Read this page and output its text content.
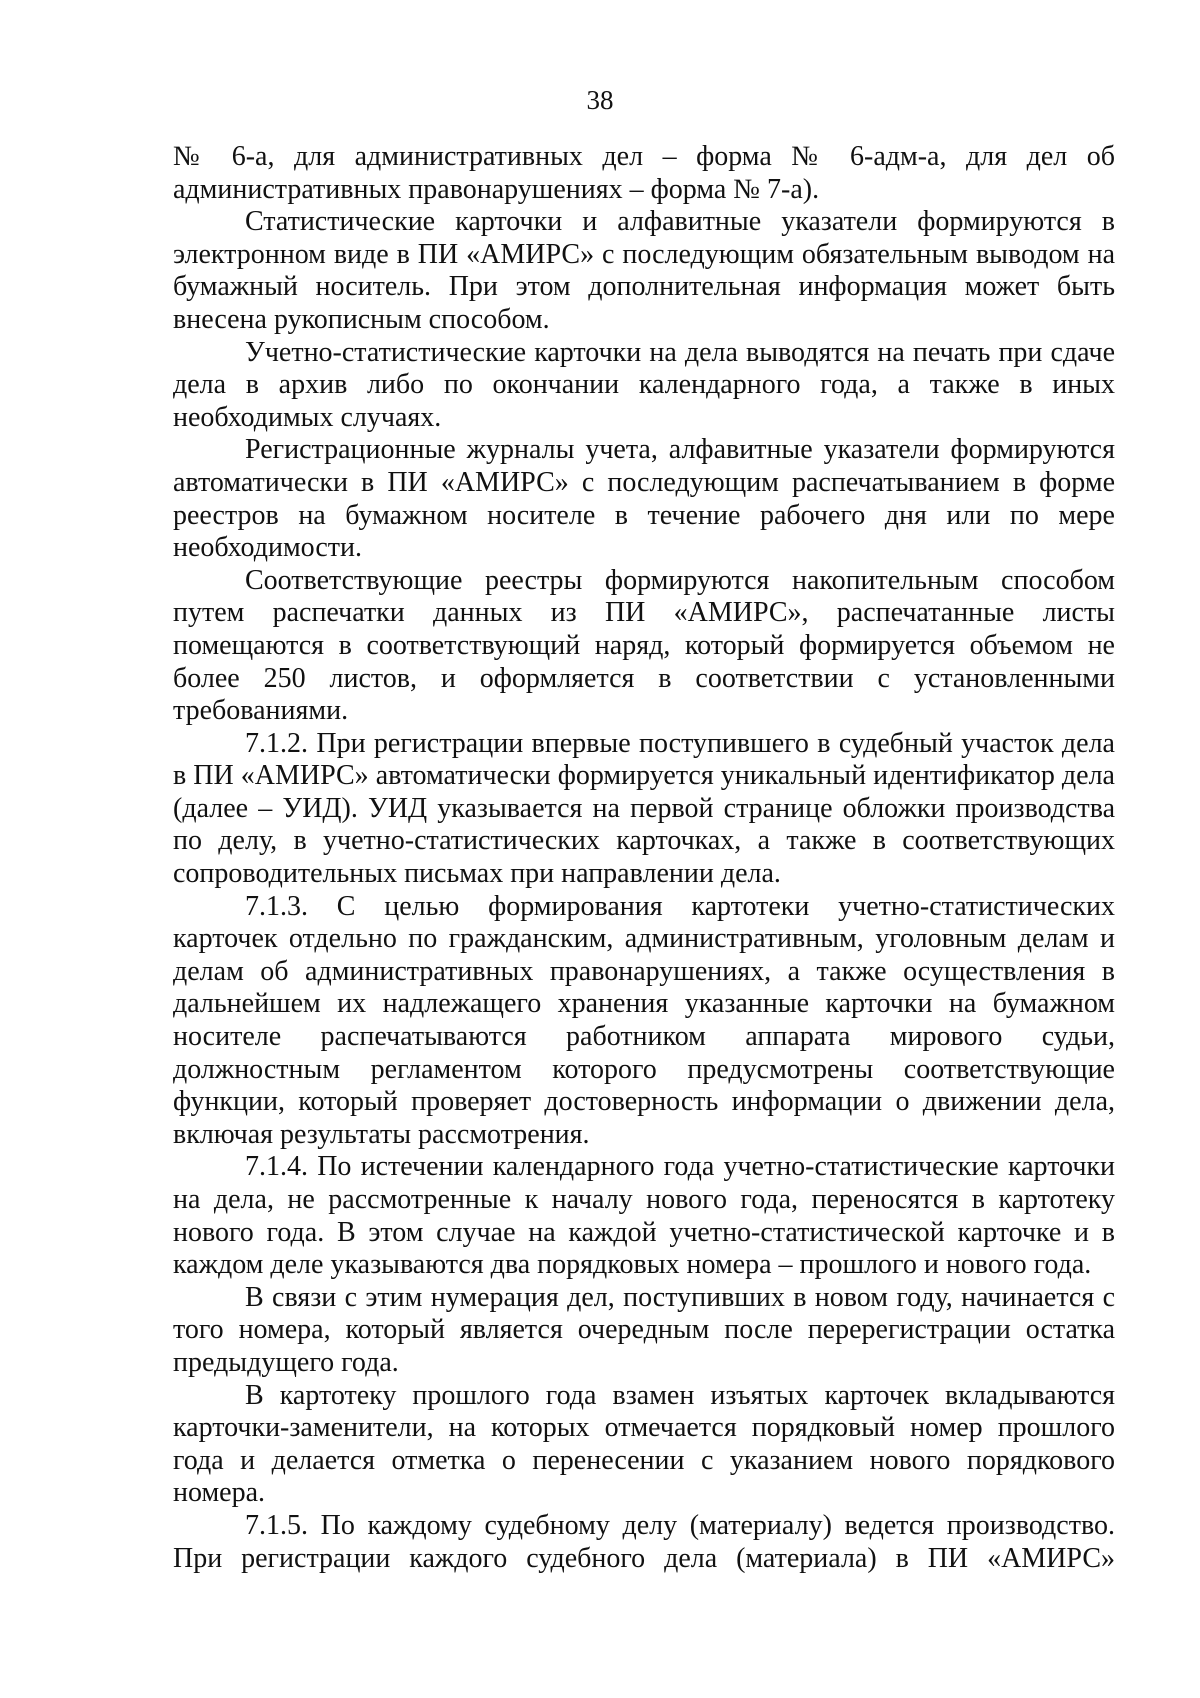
38

№ 6-а, для административных дел – форма № 6-адм-а, для дел об административных правонарушениях – форма № 7-а).

Статистические карточки и алфавитные указатели формируются в электронном виде в ПИ «АМИРС» с последующим обязательным выводом на бумажный носитель. При этом дополнительная информация может быть внесена рукописным способом.

Учетно-статистические карточки на дела выводятся на печать при сдаче дела в архив либо по окончании календарного года, а также в иных необходимых случаях.

Регистрационные журналы учета, алфавитные указатели формируются автоматически в ПИ «АМИРС» с последующим распечатыванием в форме реестров на бумажном носителе в течение рабочего дня или по мере необходимости.

Соответствующие реестры формируются накопительным способом путем распечатки данных из ПИ «АМИРС», распечатанные листы помещаются в соответствующий наряд, который формируется объемом не более 250 листов, и оформляется в соответствии с установленными требованиями.

7.1.2. При регистрации впервые поступившего в судебный участок дела в ПИ «АМИРС» автоматически формируется уникальный идентификатор дела (далее – УИД). УИД указывается на первой странице обложки производства по делу, в учетно-статистических карточках, а также в соответствующих сопроводительных письмах при направлении дела.

7.1.3. С целью формирования картотеки учетно-статистических карточек отдельно по гражданским, административным, уголовным делам и делам об административных правонарушениях, а также осуществления в дальнейшем их надлежащего хранения указанные карточки на бумажном носителе распечатываются работником аппарата мирового судьи, должностным регламентом которого предусмотрены соответствующие функции, который проверяет достоверность информации о движении дела, включая результаты рассмотрения.

7.1.4. По истечении календарного года учетно-статистические карточки на дела, не рассмотренные к началу нового года, переносятся в картотеку нового года. В этом случае на каждой учетно-статистической карточке и в каждом деле указываются два порядковых номера – прошлого и нового года.

В связи с этим нумерация дел, поступивших в новом году, начинается с того номера, который является очередным после перерегистрации остатка предыдущего года.

В картотеку прошлого года взамен изъятых карточек вкладываются карточки-заменители, на которых отмечается порядковый номер прошлого года и делается отметка о перенесении с указанием нового порядкового номера.

7.1.5. По каждому судебному делу (материалу) ведется производство. При регистрации каждого судебного дела (материала) в ПИ «АМИРС»
